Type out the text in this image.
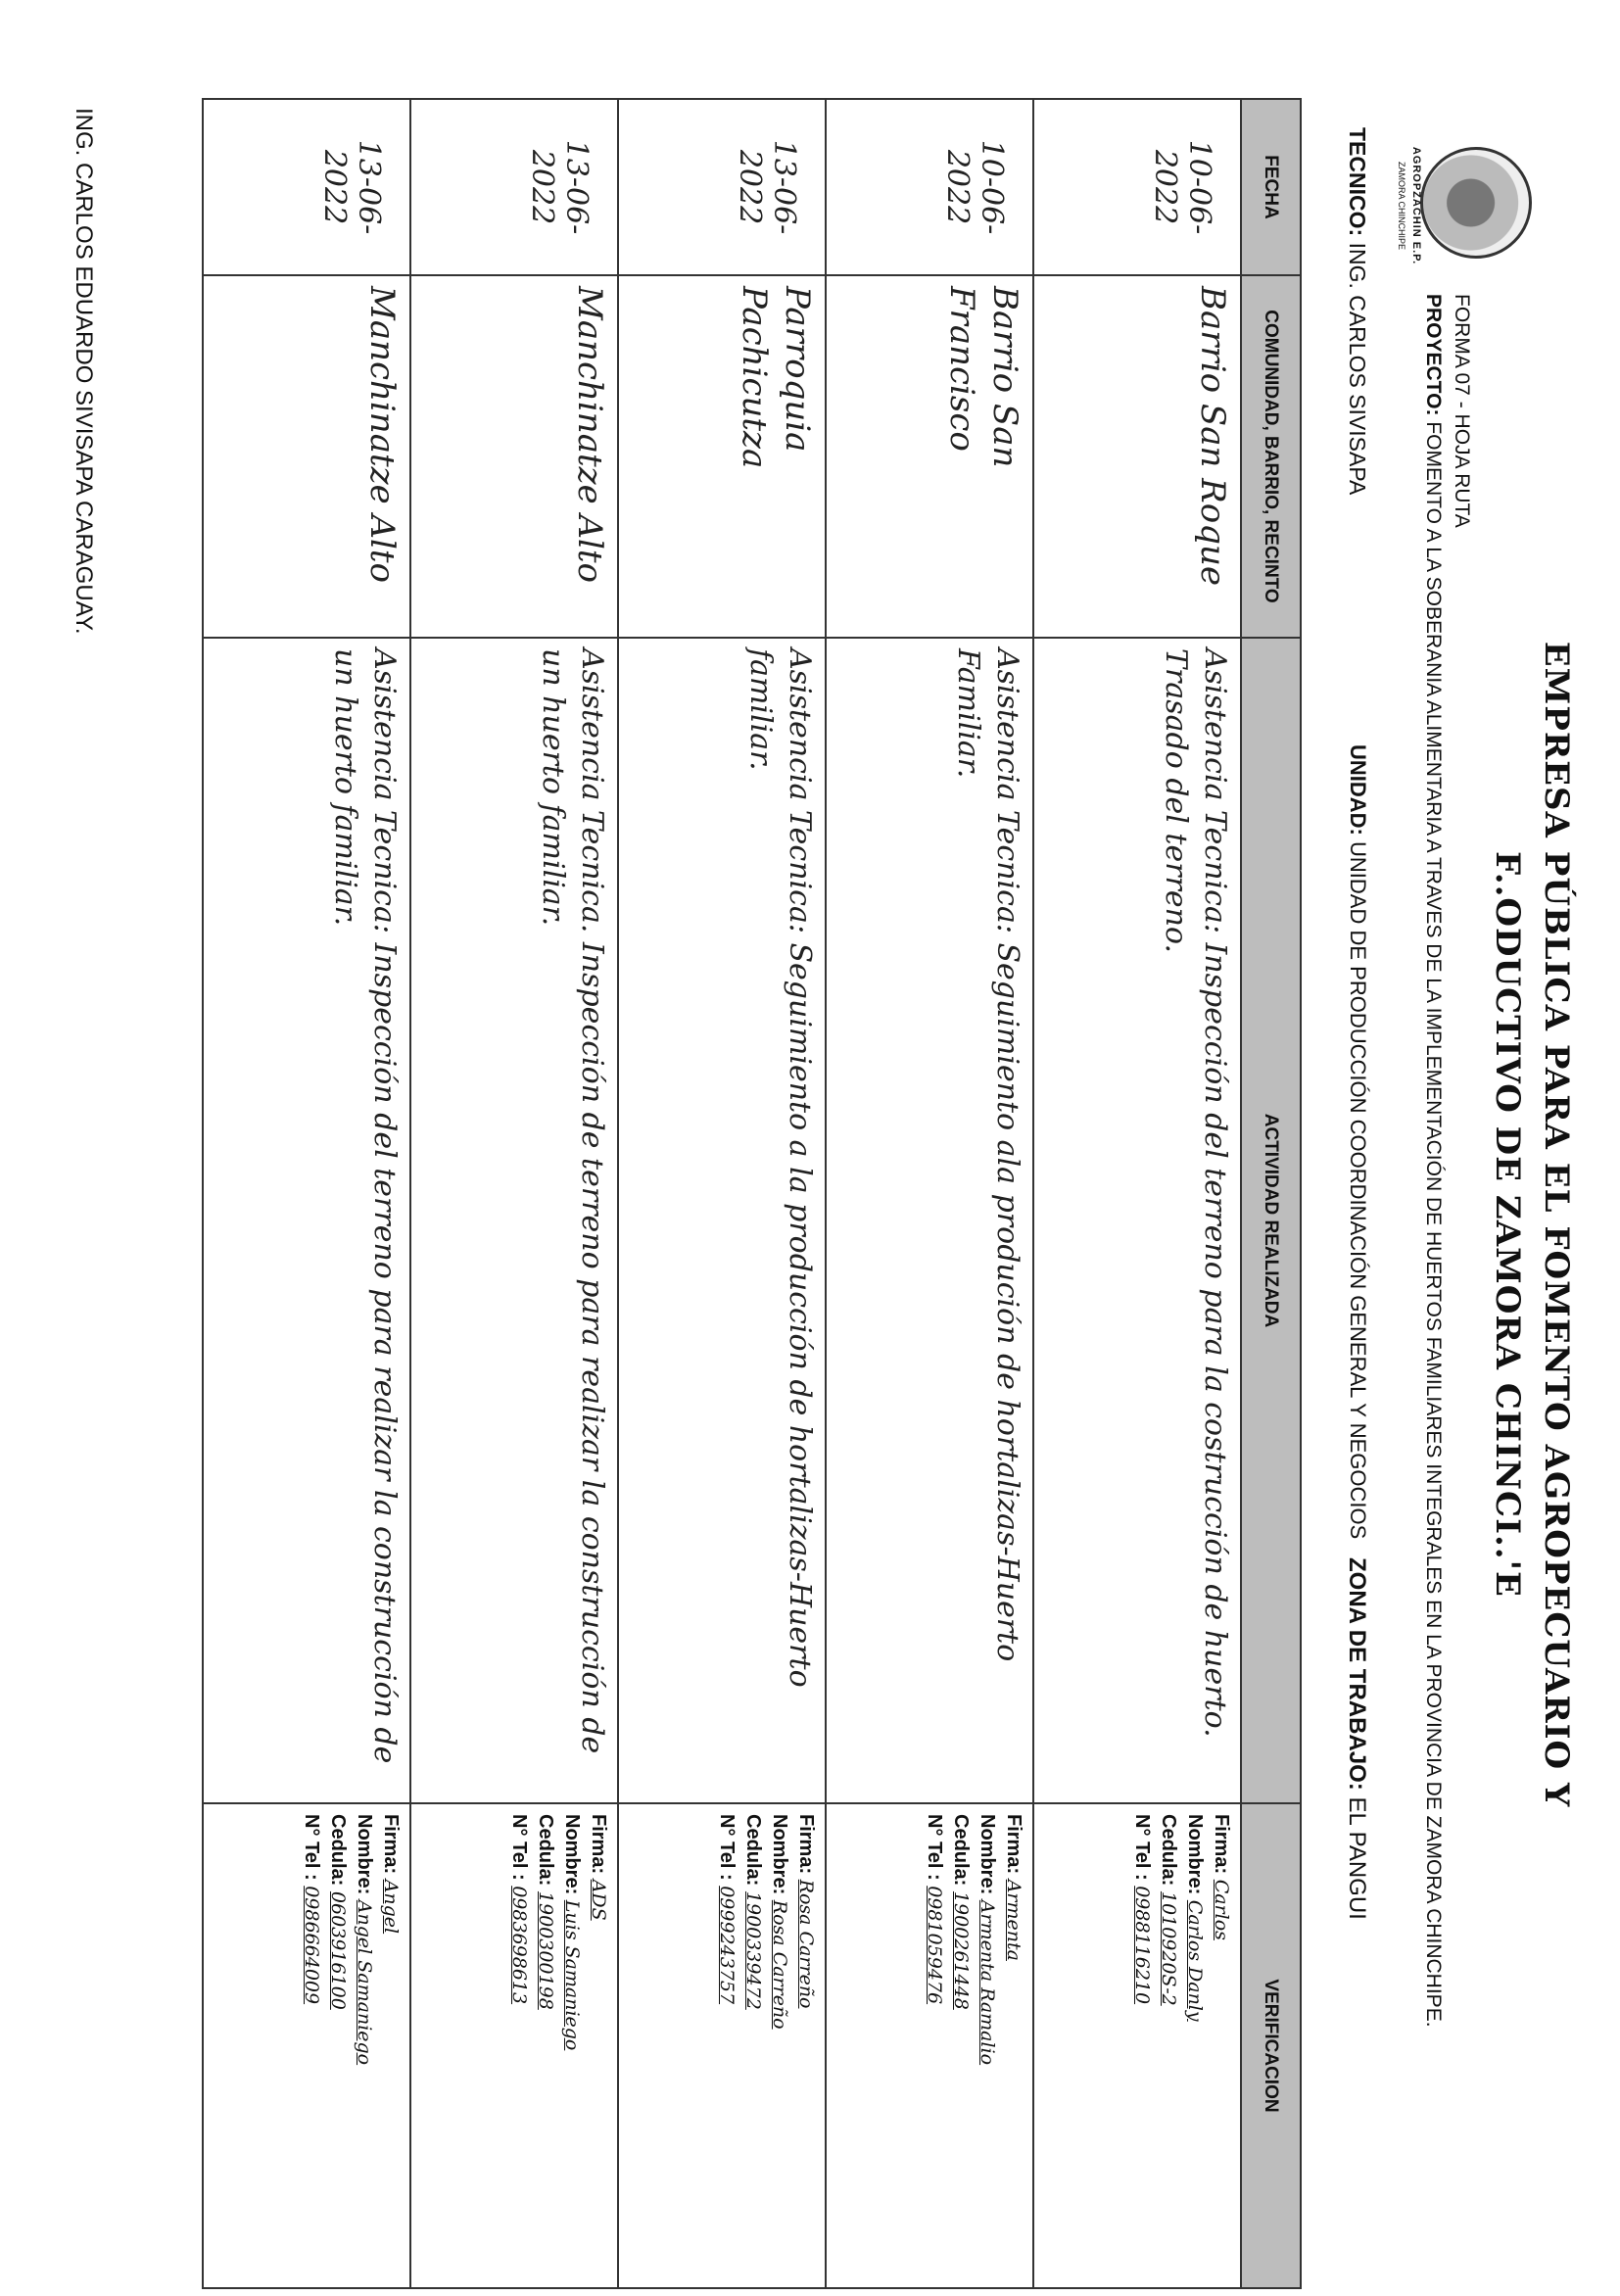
AGROPZACHIN E.P.
ZAMORA CHINCHIPE
EMPRESA PÚBLICA PARA EL FOMENTO AGROPECUARIO Y
F..ODUCTIVO DE ZAMORA CHINCI..'E
FORMA 07 - HOJA RUTA
PROYECTO: FOMENTO A LA SOBERANIA ALIMENTARIA A TRAVES DE LA IMPLEMENTACIÓN DE HUERTOS FAMILIARES INTEGRALES EN LA PROVINCIA DE ZAMORA CHINCHIPE.
TECNICO: ING. CARLOS SIVISAPA
UNIDAD: UNIDAD DE PRODUCCIÓN COORDINACIÓN GENERAL Y NEGOCIOS
ZONA DE TRABAJO: EL PANGUI
FECHA	COMUNIDAD, BARRIO, RECINTO	ACTIVIDAD REALIZADA	VERIFICACION
10-06-2022	Barrio San Roque	Asistencia Tecnica: Inspección del terreno para la costrucción de huerto. Trasado del terreno.	Firma: Carlos
Nombre: Carlos Danly
Cedula: 1010920S-2
N° Tel : 0988116210

10-06-2022	Barrio San Francisco	Asistencia Tecnica: Seguimiento ala produción de hortalizas-Huerto Familiar.	Firma: Armenta
Nombre: Armenta Ramalio
Cedula: 1900261448
N° Tel : 0981059476

13-06-2022	Parroquia Pachicutza	Asistencia Tecnica: Seguimiento a la producción de hortalizas-Huerto familiar.	Firma: Rosa Carreño
Nombre: Rosa Carreño
Cedula: 1900339472
N° Tel : 0999243757

13-06-2022	Manchinatze Alto	Asistencia Tecnica. Inspección de terreno para realizar la construcción de un huerto familiar.	Firma: ADS
Nombre: Luis Samaniego
Cedula: 1900300198
N° Tel : 0983698613

13-06-2022	Manchinatze Alto	Asistencia Tecnica: Inspección del terreno para realizar la construcción de un huerto familiar.	Firma: Angel
Nombre: Angel Samaniego
Cedula: 0603916100
N° Tel : 0986664009
ING. CARLOS EDUARDO SIVISAPA CARAGUAY.
